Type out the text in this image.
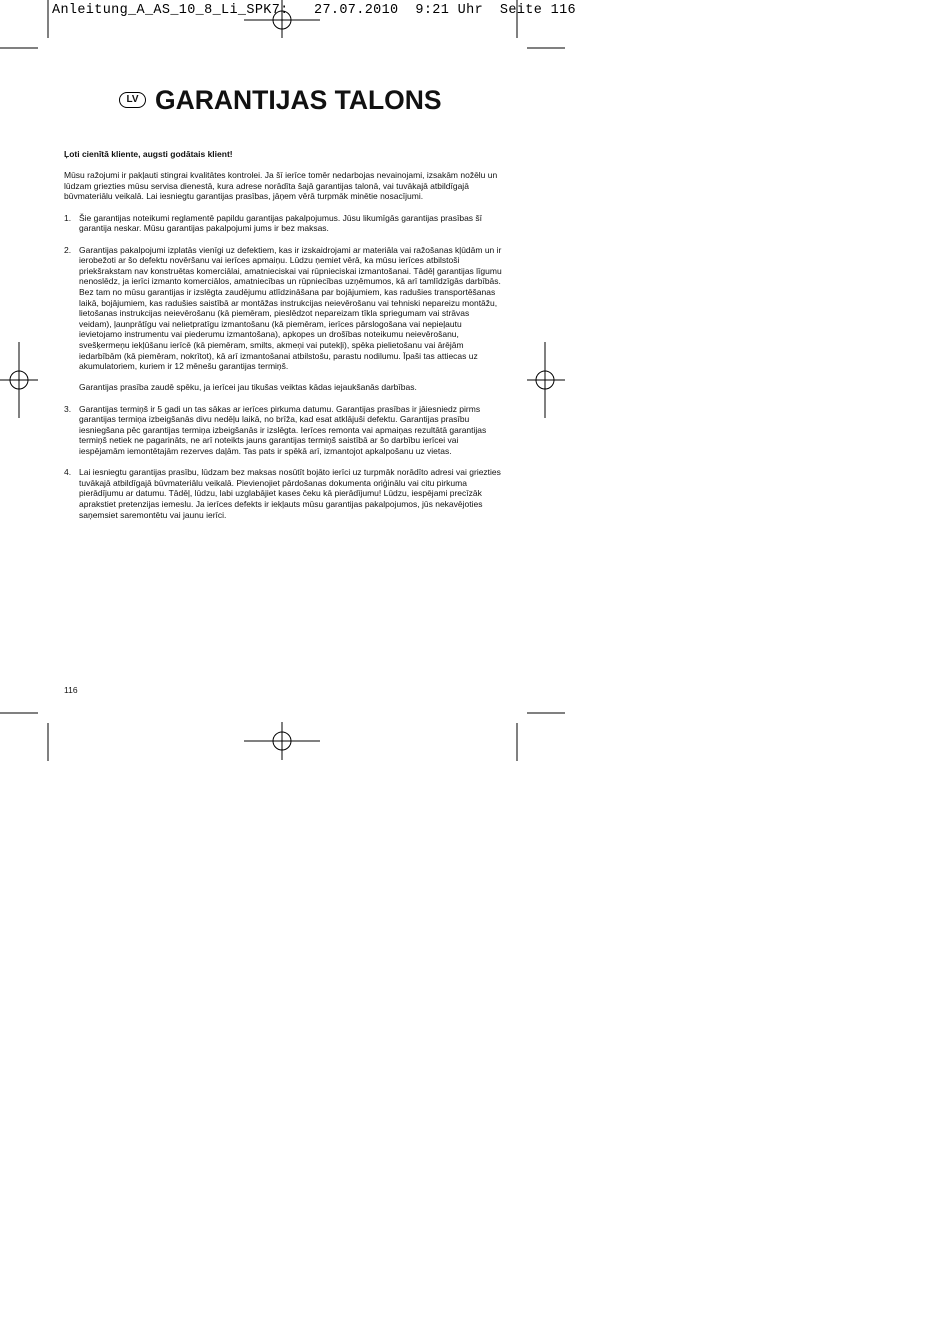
Anleitung_A_AS_10_8_Li_SPK7:   27.07.2010  9:21 Uhr  Seite 116

LV GARANTIJAS TALONS

Ļoti cienītā kliente, augsti godātais klient!

Mūsu ražojumi ir pakļauti stingrai kvalitātes kontrolei. Ja šī ierīce tomēr nedarbojas nevainojami, izsakām nožēlu un lūdzam griezties mūsu servisa dienestā, kura adrese norādīta šajā garantijas talonā, vai tuvākajā atbildīgajā būvmateriālu veikalā. Lai iesniegtu garantijas prasības, jāņem vērā turpmāk minētie nosacījumi.

1. Šie garantijas noteikumi reglamentē papildu garantijas pakalpojumus. Jūsu likumīgās garantijas prasības šī garantija neskar. Mūsu garantijas pakalpojumi jums ir bez maksas.

2. Garantijas pakalpojumi izplatās vienīgi uz defektiem, kas ir izskaidrojami ar materiāla vai ražošanas kļūdām un ir ierobežoti ar šo defektu novēršanu vai ierīces apmaiņu. Lūdzu ņemiet vērā, ka mūsu ierīces atbilstoši priekšrakstam nav konstruētas komerciālai, amatnieciskai vai rūpnieciskai izmantošanai. Tādēļ garantijas līgumu nenoslēdz, ja ierīci izmanto komerciālos, amatniecības un rūpniecības uzņēmumos, kā arī tamlīdzīgās darbībās. Bez tam no mūsu garantijas ir izslēgta zaudējumu atlīdzināšana par bojājumiem, kas radušies transportēšanas laikā, bojājumiem, kas radušies saistībā ar montāžas instrukcijas neievērošanu vai tehniski nepareizu montāžu, lietošanas instrukcijas neievērošanu (kā piemēram, pieslēdzot nepareizam tīkla spriegumam vai strāvas veidam), ļaunprātīgu vai nelietpratīgu izmantošanu (kā piemēram, ierīces pārslogošana vai nepieļautu ievietojamo instrumentu vai piederumu izmantošana), apkopes un drošības noteikumu neievērošanu, svešķermeņu iekļūšanu ierīcē (kā piemēram, smilts, akmeņi vai putekļi), spēka pielietošanu vai ārējām iedarbībām (kā piemēram, nokrītot), kā arī izmantošanai atbilstošu, parastu nodilumu. Īpaši tas attiecas uz akumulatoriem, kuriem ir 12 mēnešu garantijas termiņš.

Garantijas prasība zaudē spēku, ja ierīcei jau tikušas veiktas kādas iejaukšanās darbības.

3. Garantijas termiņš ir 5 gadi un tas sākas ar ierīces pirkuma datumu. Garantijas prasības ir jāiesniedz pirms garantijas termiņa izbeigšanās divu nedēļu laikā, no brīža, kad esat atklājuši defektu. Garantijas prasību iesniegšana pēc garantijas termiņa izbeigšanās ir izslēgta. Ierīces remonta vai apmaiņas rezultātā garantijas termiņš netiek ne pagarināts, ne arī noteikts jauns garantijas termiņš saistībā ar šo darbību ierīcei vai iespējamām iemontētajām rezerves daļām. Tas pats ir spēkā arī, izmantojot apkalpošanu uz vietas.

4. Lai iesniegtu garantijas prasību, lūdzam bez maksas nosūtīt bojāto ierīci uz turpmāk norādīto adresi vai griezties tuvākajā atbildīgajā būvmateriālu veikalā. Pievienojiet pārdošanas dokumenta oriģinālu vai citu pirkuma pierādījumu ar datumu. Tādēļ, lūdzu, labi uzglabājiet kases čeku kā pierādījumu! Lūdzu, iespējami precīzāk aprakstiet pretenzijas iemeslu. Ja ierīces defekts ir iekļauts mūsu garantijas pakalpojumos, jūs nekavējoties saņemsiet saremontētu vai jaunu ierīci.

116
